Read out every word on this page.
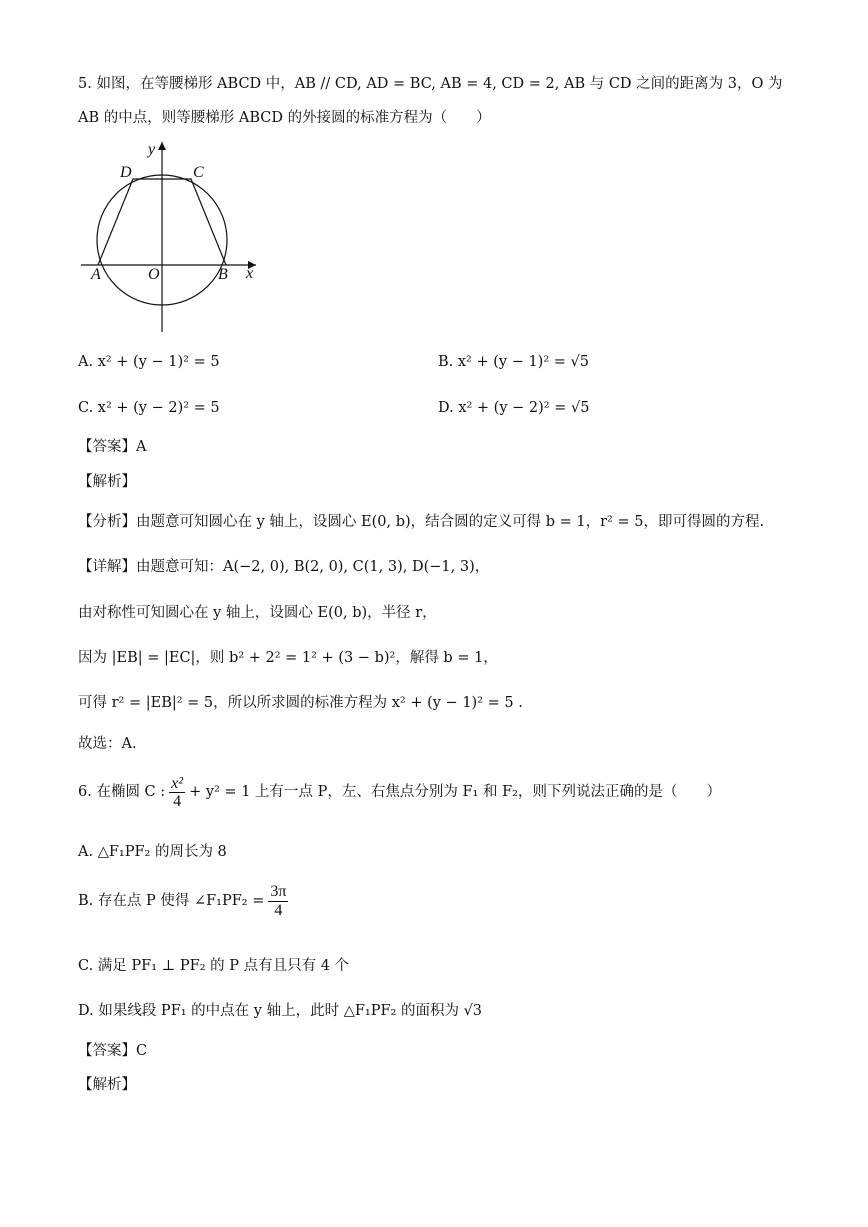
5. 如图，在等腰梯形 ABCD 中，AB // CD, AD = BC, AB = 4, CD = 2, AB 与 CD 之间的距离为 3，O 为
AB 的中点，则等腰梯形 ABCD 的外接圆的标准方程为（　　）
y
D	C
A	O	B x
A. x² + (y − 1)² = 5	B. x² + (y − 1)² = √5
C. x² + (y − 2)² = 5	D. x² + (y − 2)² = √5
【答案】A
【解析】
【分析】由题意可知圆心在 y 轴上，设圆心 E(0, b)，结合圆的定义可得 b = 1，r² = 5，即可得圆的方程.
【详解】由题意可知：A(−2, 0), B(2, 0), C(1, 3), D(−1, 3)，
由对称性可知圆心在 y 轴上，设圆心 E(0, b)，半径 r，
因为 |EB| = |EC|，则 b² + 2² = 1² + (3 − b)²，解得 b = 1，
可得 r² = |EB|² = 5，所以所求圆的标准方程为 x² + (y − 1)² = 5 .
故选：A.
6. 在椭圆 C : $\frac{\text{x²}}{4} + y^2 = 1$ 上有一点 P，左、右焦点分别为 F₁ 和 F₂，则下列说法正确的是（　　）
A. △F₁PF₂ 的周长为 8
B. 存在点 P 使得 ∠F₁PF₂ = $\frac{3\pi}{4}$
C. 满足 PF₁ ⊥ PF₂ 的 P 点有且只有 4 个
D. 如果线段 PF₁ 的中点在 y 轴上，此时 △F₁PF₂ 的面积为 √3
【答案】C
【解析】
